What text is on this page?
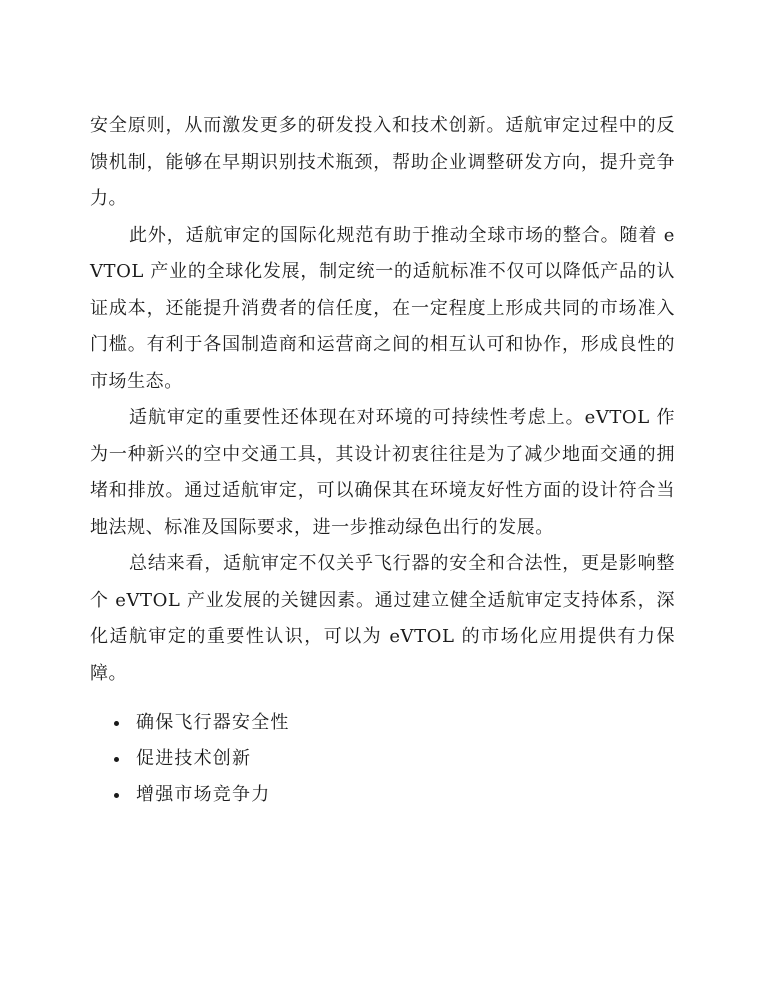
安全原则，从而激发更多的研发投入和技术创新。适航审定过程中的反馈机制，能够在早期识别技术瓶颈，帮助企业调整研发方向，提升竞争力。

此外，适航审定的国际化规范有助于推动全球市场的整合。随着 eVTOL 产业的全球化发展，制定统一的适航标准不仅可以降低产品的认证成本，还能提升消费者的信任度，在一定程度上形成共同的市场准入门槛。有利于各国制造商和运营商之间的相互认可和协作，形成良性的市场生态。

适航审定的重要性还体现在对环境的可持续性考虑上。eVTOL 作为一种新兴的空中交通工具，其设计初衷往往是为了减少地面交通的拥堵和排放。通过适航审定，可以确保其在环境友好性方面的设计符合当地法规、标准及国际要求，进一步推动绿色出行的发展。

总结来看，适航审定不仅关乎飞行器的安全和合法性，更是影响整个 eVTOL 产业发展的关键因素。通过建立健全适航审定支持体系，深化适航审定的重要性认识，可以为 eVTOL 的市场化应用提供有力保障。

确保飞行器安全性
促进技术创新
增强市场竞争力
